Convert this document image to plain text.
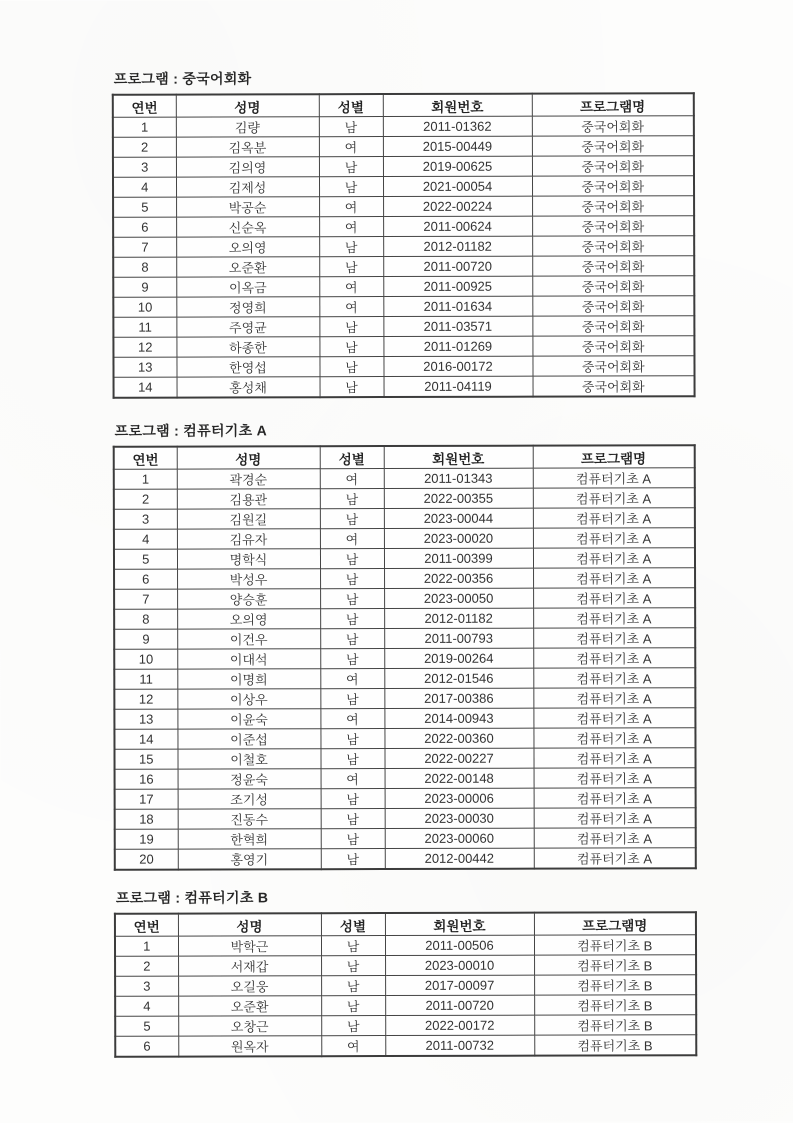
프로그램 : 중국어회화
연번	성명	성별	회원번호	프로그램명
1	김량	남	2011-01362	중국어회화
2	김옥분	여	2015-00449	중국어회화
3	김의영	남	2019-00625	중국어회화
4	김제성	남	2021-00054	중국어회화
5	박공순	여	2022-00224	중국어회화
6	신순옥	여	2011-00624	중국어회화
7	오의영	남	2012-01182	중국어회화
8	오준환	남	2011-00720	중국어회화
9	이옥금	여	2011-00925	중국어회화
10	정영희	여	2011-01634	중국어회화
11	주영균	남	2011-03571	중국어회화
12	하종한	남	2011-01269	중국어회화
13	한영섭	남	2016-00172	중국어회화
14	홍성채	남	2011-04119	중국어회화
프로그램 : 컴퓨터기초 A
연번	성명	성별	회원번호	프로그램명
1	곽경순	여	2011-01343	컴퓨터기초 A
2	김용관	남	2022-00355	컴퓨터기초 A
3	김원길	남	2023-00044	컴퓨터기초 A
4	김유자	여	2023-00020	컴퓨터기초 A
5	명학식	남	2011-00399	컴퓨터기초 A
6	박성우	남	2022-00356	컴퓨터기초 A
7	양승훈	남	2023-00050	컴퓨터기초 A
8	오의영	남	2012-01182	컴퓨터기초 A
9	이건우	남	2011-00793	컴퓨터기초 A
10	이대석	남	2019-00264	컴퓨터기초 A
11	이명희	여	2012-01546	컴퓨터기초 A
12	이상우	남	2017-00386	컴퓨터기초 A
13	이윤숙	여	2014-00943	컴퓨터기초 A
14	이준섭	남	2022-00360	컴퓨터기초 A
15	이철호	남	2022-00227	컴퓨터기초 A
16	정윤숙	여	2022-00148	컴퓨터기초 A
17	조기성	남	2023-00006	컴퓨터기초 A
18	진동수	남	2023-00030	컴퓨터기초 A
19	한혁희	남	2023-00060	컴퓨터기초 A
20	홍영기	남	2012-00442	컴퓨터기초 A
프로그램 : 컴퓨터기초 B
연번	성명	성별	회원번호	프로그램명
1	박학근	남	2011-00506	컴퓨터기초 B
2	서재갑	남	2023-00010	컴퓨터기초 B
3	오길웅	남	2017-00097	컴퓨터기초 B
4	오준환	남	2011-00720	컴퓨터기초 B
5	오창근	남	2022-00172	컴퓨터기초 B
6	원옥자	여	2011-00732	컴퓨터기초 B
